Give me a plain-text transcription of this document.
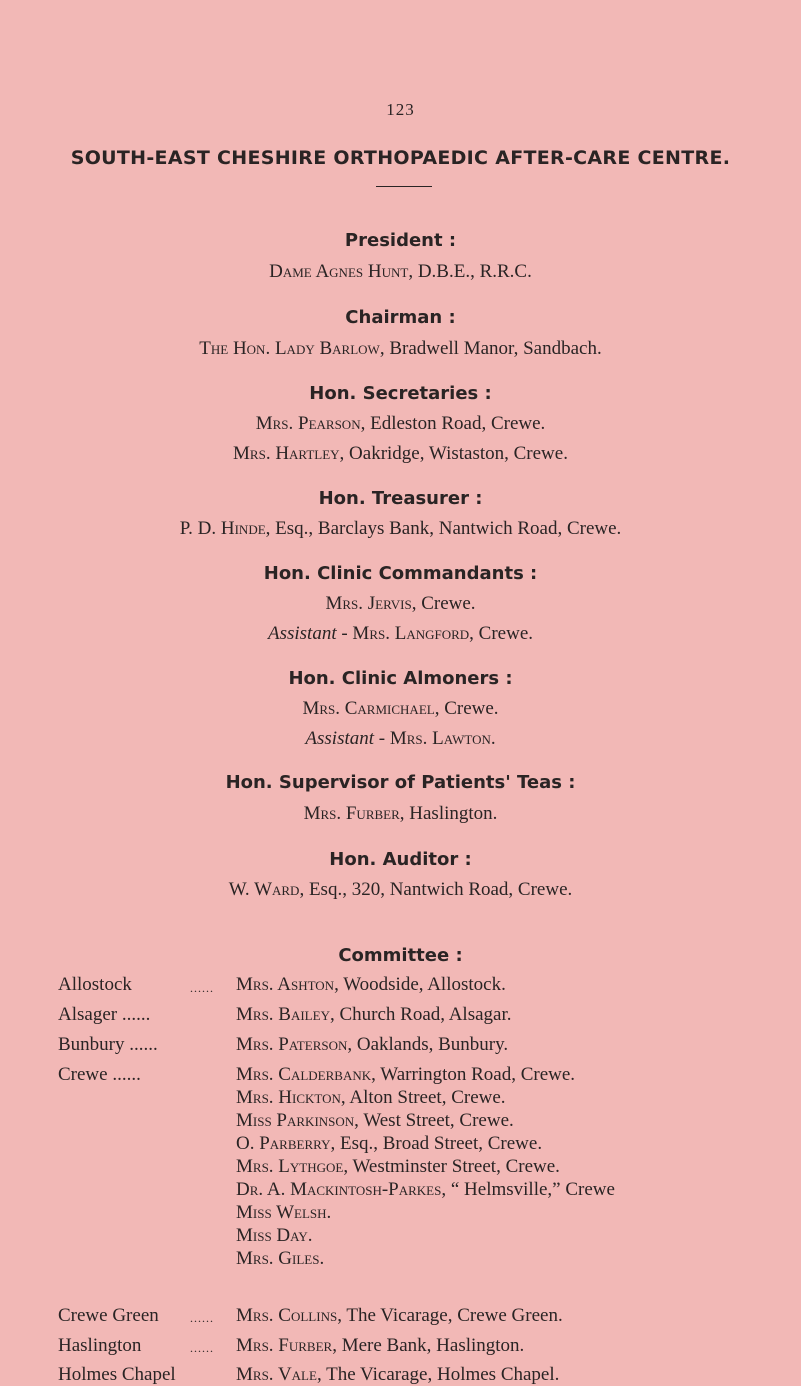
123
SOUTH-EAST CHESHIRE ORTHOPAEDIC AFTER-CARE CENTRE.
President :
Dame Agnes Hunt, D.B.E., R.R.C.
Chairman :
The Hon. Lady Barlow, Bradwell Manor, Sandbach.
Hon. Secretaries :
Mrs. Pearson, Edleston Road, Crewe.
Mrs. Hartley, Oakridge, Wistaston, Crewe.
Hon. Treasurer :
P. D. Hinde, Esq., Barclays Bank, Nantwich Road, Crewe.
Hon. Clinic Commandants :
Mrs. Jervis, Crewe.
Assistant - Mrs. Langford, Crewe.
Hon. Clinic Almoners :
Mrs. Carmichael, Crewe.
Assistant - Mrs. Lawton.
Hon. Supervisor of Patients' Teas :
Mrs. Furber, Haslington.
Hon. Auditor :
W. Ward, Esq., 320, Nantwich Road, Crewe.
Committee :
Allostock
Alsager ......
Bunbury ......
Crewe ......
Crewe Green
Haslington
Holmes Chapel
......
......
......
Mrs. Ashton, Woodside, Allostock.
Mrs. Bailey, Church Road, Alsagar.
Mrs. Paterson, Oaklands, Bunbury.
Mrs. Calderbank, Warrington Road, Crewe.
Mrs. Hickton, Alton Street, Crewe.
Miss Parkinson, West Street, Crewe.
O. Parberry, Esq., Broad Street, Crewe.
Mrs. Lythgoe, Westminster Street, Crewe.
Dr. A. Mackintosh-Parkes, “ Helmsville,” Crewe
Miss Welsh.
Miss Day.
Mrs. Giles.
Mrs. Collins, The Vicarage, Crewe Green.
Mrs. Furber, Mere Bank, Haslington.
Mrs. Vale, The Vicarage, Holmes Chapel.
